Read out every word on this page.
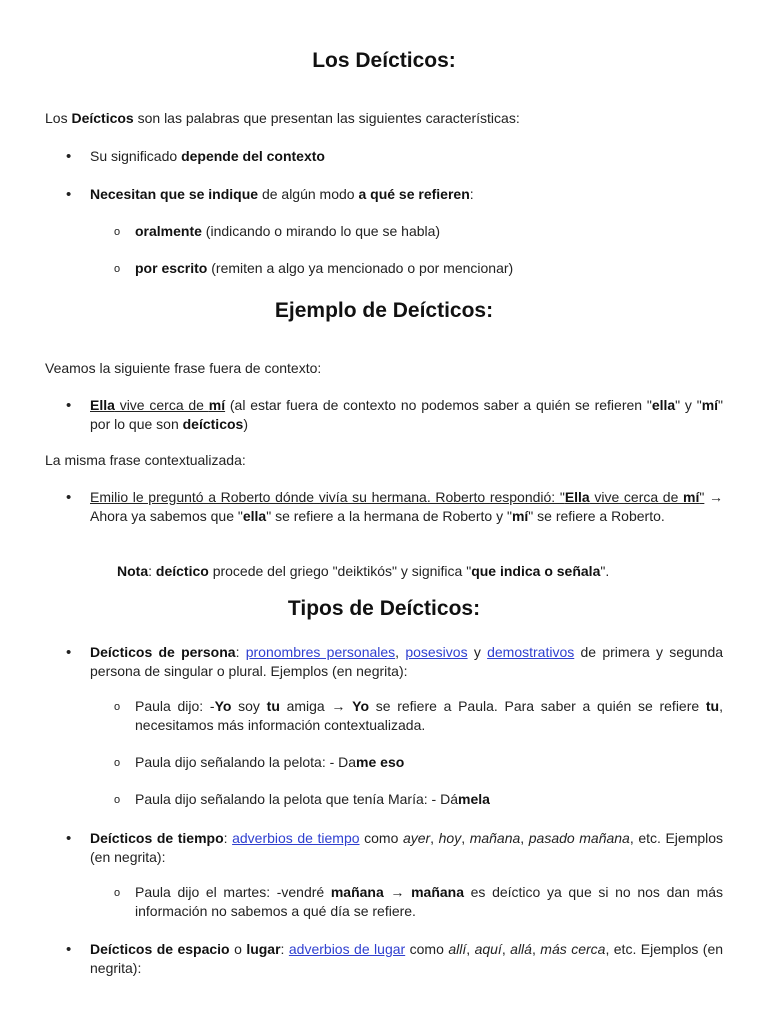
Los Deícticos:

Los Deícticos son las palabras que presentan las siguientes características:

• Su significado depende del contexto
• Necesitan que se indique de algún modo a qué se refieren:
o oralmente (indicando o mirando lo que se habla)
o por escrito (remiten a algo ya mencionado o por mencionar)
Ejemplo de Deícticos:

Veamos la siguiente frase fuera de contexto:

• Ella vive cerca de mí (al estar fuera de contexto no podemos saber a quién se refieren "ella" y "mí" por lo que son deícticos)

La misma frase contextualizada:

• Emilio le preguntó a Roberto dónde vivía su hermana. Roberto respondió: "Ella vive cerca de mí" → Ahora ya sabemos que "ella" se refiere a la hermana de Roberto y "mí" se refiere a Roberto.

Nota: deíctico procede del griego "deiktikós" y significa "que indica o señala".

Tipos de Deícticos:
• Deícticos de persona: pronombres personales, posesivos y demostrativos de primera y segunda persona de singular o plural. Ejemplos (en negrita):
o Paula dijo: -Yo soy tu amiga → Yo se refiere a Paula. Para saber a quién se refiere tu, necesitamos más información contextualizada.
o Paula dijo señalando la pelota: - Dame eso
o Paula dijo señalando la pelota que tenía María: - Dámela
• Deícticos de tiempo: adverbios de tiempo como ayer, hoy, mañana, pasado mañana, etc. Ejemplos (en negrita):
o Paula dijo el martes: -vendré mañana → mañana es deíctico ya que si no nos dan más información no sabemos a qué día se refiere.
• Deícticos de espacio o lugar: adverbios de lugar como allí, aquí, allá, más cerca, etc. Ejemplos (en negrita):
